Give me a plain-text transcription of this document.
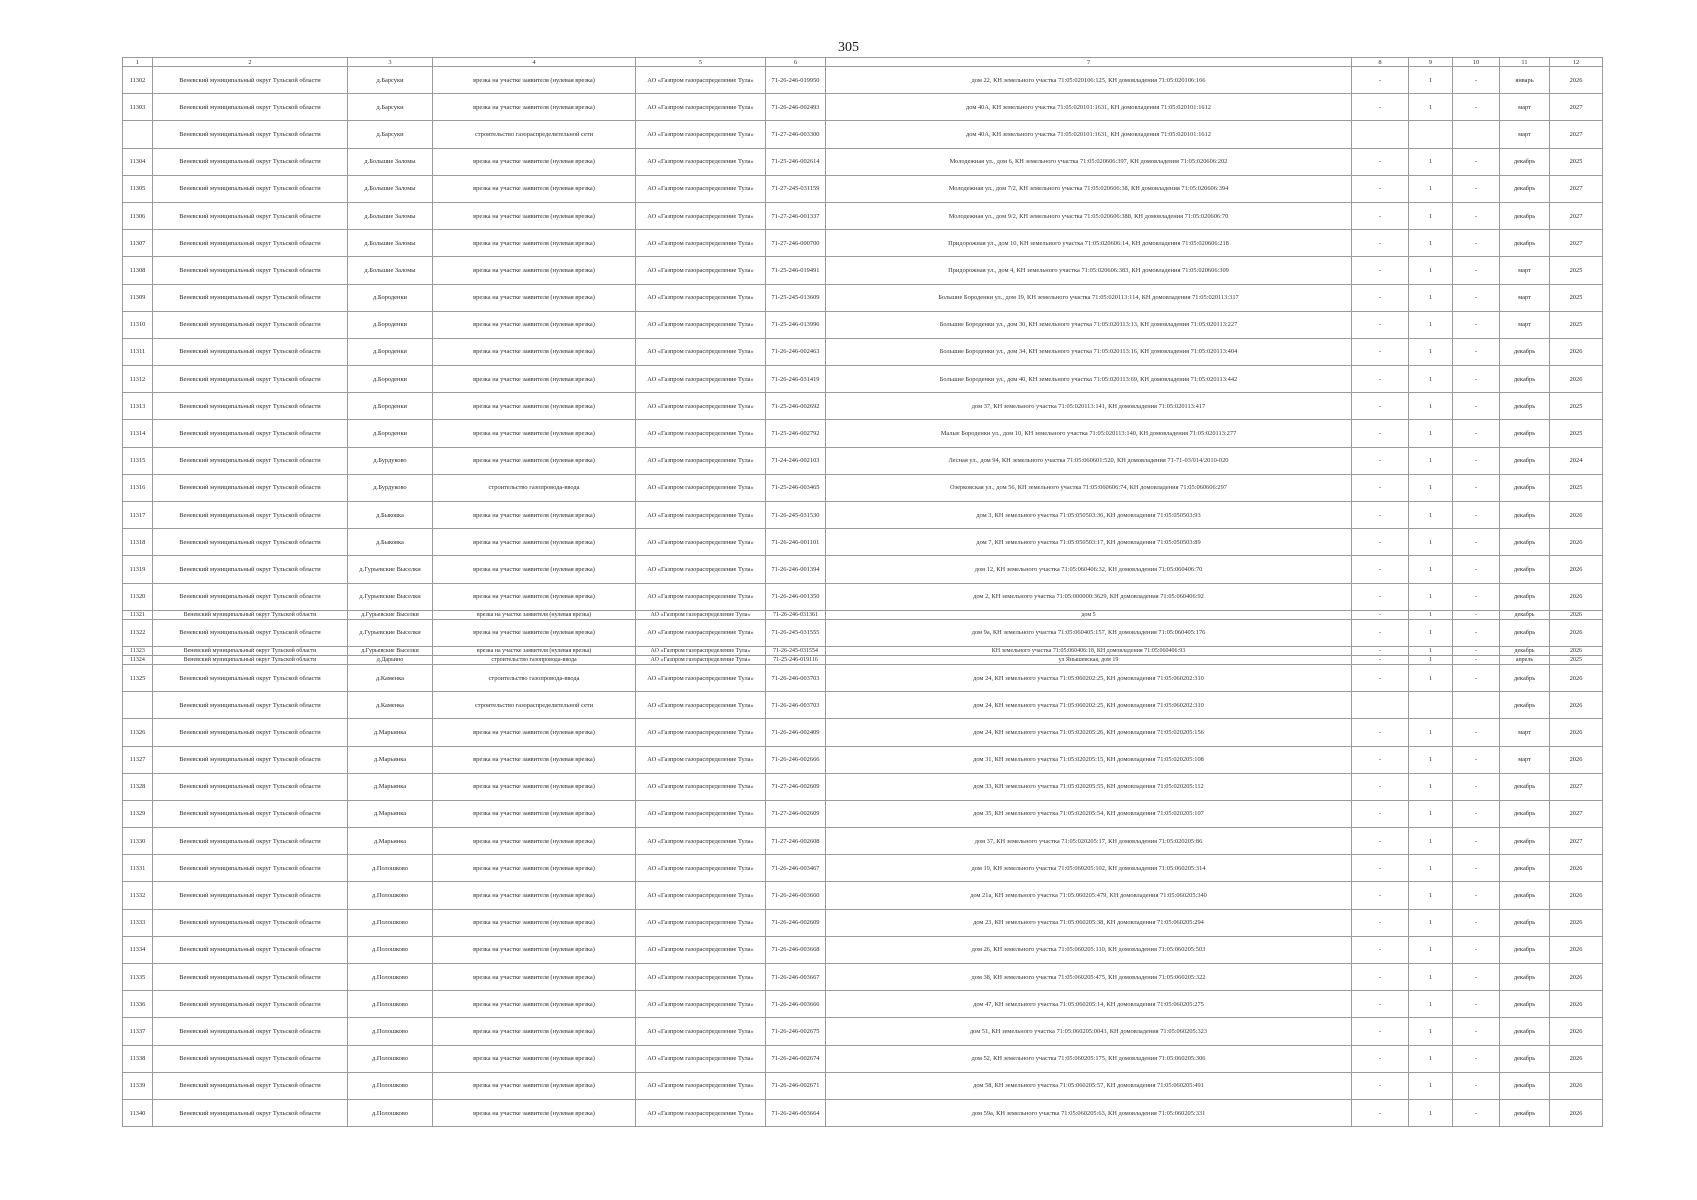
305
1	2	3	4	5	6	7	8	9	10	11	12
11302	Веневский муниципальный округ Тульской области	д.Барсуки	врезка на участке заявителя (нулевая врезка)	АО «Газпром газораспределение Тула»	71-26-246-019950	дом 22, КН земельного участка 71:05:020106:125, КН домовладения 71:05:020106:166	-	1	-	январь	2026
11303	Веневский муниципальный округ Тульской области	д.Барсуки	врезка на участке заявителя (нулевая врезка)	АО «Газпром газораспределение Тула»	71-26-246-002493	дом 40А, КН земельного участка 71:05:020101:1631, КН домовладения 71:05:020101:1612	-	1	-	март	2027
	Веневский муниципальный округ Тульской области	д.Барсуки	строительство газораспределительной сети	АО «Газпром газораспределение Тула»	71-27-246-003300	дом 40А, КН земельного участка 71:05:020101:1631, КН домовладения 71:05:020101:1612				март	2027
11304	Веневский муниципальный округ Тульской области	д.Большие Заломы	врезка на участке заявителя (нулевая врезка)	АО «Газпром газораспределение Тула»	71-25-246-002614	Молодежная ул., дом 6, КН земельного участка 71:05:020606:397, КН домовладения 71:05:020606:202	-	1	-	декабрь	2025
11305	Веневский муниципальный округ Тульской области	д.Большие Заломы	врезка на участке заявителя (нулевая врезка)	АО «Газпром газораспределение Тула»	71-27-245-031159	Молодежная ул., дом 7/2, КН земельного участка 71:05:020606:38, КН домовладения 71:05:020606:394	-	1	-	декабрь	2027
11306	Веневский муниципальный округ Тульской области	д.Большие Заломы	врезка на участке заявителя (нулевая врезка)	АО «Газпром газораспределение Тула»	71-27-246-001337	Молодежная ул., дом 9/2, КН земельного участка 71:05:020606:388, КН домовладения 71:05:020606:70	-	1	-	декабрь	2027
11307	Веневский муниципальный округ Тульской области	д.Большие Заломы	врезка на участке заявителя (нулевая врезка)	АО «Газпром газораспределение Тула»	71-27-246-000700	Придорожная ул., дом 10, КН земельного участка 71:05:020606:14, КН домовладения 71:05:020606:218	-	1	-	декабрь	2027
11308	Веневский муниципальный округ Тульской области	д.Большие Заломы	врезка на участке заявителя (нулевая врезка)	АО «Газпром газораспределение Тула»	71-25-246-019491	Придорожная ул., дом 4, КН земельного участка 71:05:020606:383, КН домовладения 71:05:020606:309	-	1	-	март	2025
11309	Веневский муниципальный округ Тульской области	д.Бороденки	врезка на участке заявителя (нулевая врезка)	АО «Газпром газораспределение Тула»	71-25-245-013609	Большие Бороденки ул., дом 19, КН земельного участка 71:05:020113:114, КН домовладения 71:05:020113:317	-	1	-	март	2025
11310	Веневский муниципальный округ Тульской области	д.Бороденки	врезка на участке заявителя (нулевая врезка)	АО «Газпром газораспределение Тула»	71-25-246-013996	Большие Бороденки ул., дом 30, КН земельного участка 71:05:020113:13, КН домовладения 71:05:020113:227	-	1	-	март	2025
11311	Веневский муниципальный округ Тульской области	д.Бороденки	врезка на участке заявителя (нулевая врезка)	АО «Газпром газораспределение Тула»	71-26-246-002463	Большие Бороденки ул., дом 34, КН земельного участка 71:05:020113:16, КН домовладения 71:05:020113:404	-	1	-	декабрь	2026
11312	Веневский муниципальный округ Тульской области	д.Бороденки	врезка на участке заявителя (нулевая врезка)	АО «Газпром газораспределение Тула»	71-26-246-031419	Большие Бороденки ул., дом 40, КН земельного участка 71:05:020113:69, КН домовладения 71:05:020113:442	-	1	-	декабрь	2026
11313	Веневский муниципальный округ Тульской области	д.Бороденки	врезка на участке заявителя (нулевая врезка)	АО «Газпром газораспределение Тула»	71-25-246-002692	дом 37, КН земельного участка 71:05:020113:141, КН домовладения 71:05:020113:417	-	1	-	декабрь	2025
11314	Веневский муниципальный округ Тульской области	д.Бороденки	врезка на участке заявителя (нулевая врезка)	АО «Газпром газораспределение Тула»	71-25-246-002792	Малые Бороденки ул., дом 10, КН земельного участка 71:05:020113:140, КН домовладения 71:05:020113:277	-	1	-	декабрь	2025
11315	Веневский муниципальный округ Тульской области	д.Бурдуково	врезка на участке заявителя (нулевая врезка)	АО «Газпром газораспределение Тула»	71-24-246-002103	Лесная ул., дом 94, КН земельного участка 71:05:060601:520, КН домовладения 71-71-03/014/2010-020	-	1	-	декабрь	2024
11316	Веневский муниципальный округ Тульской области	д.Бурдуково	строительство газопровода-ввода	АО «Газпром газораспределение Тула»	71-25-246-003465	Озерковская ул., дом 56, КН земельного участка 71:05:060606:74, КН домовладения 71:05:060606:297	-	1	-	декабрь	2025
11317	Веневский муниципальный округ Тульской области	д.Быковка	врезка на участке заявителя (нулевая врезка)	АО «Газпром газораспределение Тула»	71-26-245-031530	дом 3, КН земельного участка 71:05:050503:36, КН домовладения 71:05:050503:93	-	1	-	декабрь	2026
11318	Веневский муниципальный округ Тульской области	д.Быковка	врезка на участке заявителя (нулевая врезка)	АО «Газпром газораспределение Тула»	71-26-246-001101	дом 7, КН земельного участка 71:05:050503:17, КН домовладения 71:05:050503:89	-	1	-	декабрь	2026
11319	Веневский муниципальный округ Тульской области	д.Гурьевские Выселки	врезка на участке заявителя (нулевая врезка)	АО «Газпром газораспределение Тула»	71-26-246-001394	дом 12, КН земельного участка 71:05:060406:32, КН домовладения 71:05:060406:70	-	1	-	декабрь	2026
11320	Веневский муниципальный округ Тульской области	д.Гурьевские Выселки	врезка на участке заявителя (нулевая врезка)	АО «Газпром газораспределение Тула»	71-26-246-001350	дом 2, КН земельного участка 71:05:000000:3629, КН домовладения 71:05:060406:92	-	1	-	декабрь	2026
11321	Веневский муниципальный округ Тульской области	д.Гурьевские Выселки	врезка на участке заявителя (нулевая врезка)	АО «Газпром газораспределение Тула»	71-26-246-031361	дом 5	-	1	-	декабрь	2026
11322	Веневский муниципальный округ Тульской области	д.Гурьевские Выселки	врезка на участке заявителя (нулевая врезка)	АО «Газпром газораспределение Тула»	71-26-245-031555	дом 9а, КН земельного участка 71:05:060405:157, КН домовладения 71:05:060405:176	-	1	-	декабрь	2026
11323	Веневский муниципальный округ Тульской области	д.Гурьевские Выселки	врезка на участке заявителя (нулевая врезка)	АО «Газпром газораспределение Тула»	71-26-245-031554	КН земельного участка 71:05:060406:18, КН домовладения 71:05:060406:93	-	1	-	декабрь	2026
11324	Веневский муниципальный округ Тульской области	д.Дарьино	строительство газопровода-ввода	АО «Газпром газораспределение Тула»	71-25-246-019116	ул Янышевская, дом 19	-	1	-	апрель	2025
11325	Веневский муниципальный округ Тульской области	д.Каменка	строительство газопровода-ввода	АО «Газпром газораспределение Тула»	71-26-246-003703	дом 24, КН земельного участка 71:05:060202:25, КН домовладения 71:05:060202:310	-	1	-	декабрь	2026
	Веневский муниципальный округ Тульской области	д.Каменка	строительство газораспределительной сети	АО «Газпром газораспределение Тула»	71-26-246-003703	дом 24, КН земельного участка 71:05:060202:25, КН домовладения 71:05:060202:310				декабрь	2026
11326	Веневский муниципальный округ Тульской области	д.Марьинка	врезка на участке заявителя (нулевая врезка)	АО «Газпром газораспределение Тула»	71-26-246-002409	дом 24, КН земельного участка 71:05:020205:26, КН домовладения 71:05:020205:156	-	1	-	март	2026
11327	Веневский муниципальный округ Тульской области	д.Марьинка	врезка на участке заявителя (нулевая врезка)	АО «Газпром газораспределение Тула»	71-26-246-002666	дом 31, КН земельного участка 71:05:020205:15, КН домовладения 71:05:020205:108	-	1	-	март	2026
11328	Веневский муниципальный округ Тульской области	д.Марьинка	врезка на участке заявителя (нулевая врезка)	АО «Газпром газораспределение Тула»	71-27-246-002609	дом 33, КН земельного участка 71:05:020205:55, КН домовладения 71:05:020205:112	-	1	-	декабрь	2027
11329	Веневский муниципальный округ Тульской области	д.Марьинка	врезка на участке заявителя (нулевая врезка)	АО «Газпром газораспределение Тула»	71-27-246-002609	дом 35, КН земельного участка 71:05:020205:54, КН домовладения 71:05:020205:107	-	1	-	декабрь	2027
11330	Веневский муниципальный округ Тульской области	д.Марьинка	врезка на участке заявителя (нулевая врезка)	АО «Газпром газораспределение Тула»	71-27-246-002608	дом 37, КН земельного участка 71:05:020205:17, КН домовладения 71:05:020205:86	-	1	-	декабрь	2027
11331	Веневский муниципальный округ Тульской области	д.Полошково	врезка на участке заявителя (нулевая врезка)	АО «Газпром газораспределение Тула»	71-26-246-003467	дом 19, КН земельного участка 71:05:060205:102, КН домовладения 71:05:060205:314	-	1	-	декабрь	2026
11332	Веневский муниципальный округ Тульской области	д.Полошково	врезка на участке заявителя (нулевая врезка)	АО «Газпром газораспределение Тула»	71-26-246-003660	дом 21а, КН земельного участка 71:05:060205:479, КН домовладения 71:05:060205:340	-	1	-	декабрь	2026
11333	Веневский муниципальный округ Тульской области	д.Полошково	врезка на участке заявителя (нулевая врезка)	АО «Газпром газораспределение Тула»	71-26-246-002609	дом 23, КН земельного участка 71:05:060205:38, КН домовладения 71:05:060205:294	-	1	-	декабрь	2026
11334	Веневский муниципальный округ Тульской области	д.Полошково	врезка на участке заявителя (нулевая врезка)	АО «Газпром газораспределение Тула»	71-26-246-003668	дом 26, КН земельного участка 71:05:060205:110, КН домовладения 71:05:060205:503	-	1	-	декабрь	2026
11335	Веневский муниципальный округ Тульской области	д.Полошково	врезка на участке заявителя (нулевая врезка)	АО «Газпром газораспределение Тула»	71-26-246-003667	дом 38, КН земельного участка 71:05:060205:475, КН домовладения 71:05:060205:322	-	1	-	декабрь	2026
11336	Веневский муниципальный округ Тульской области	д.Полошково	врезка на участке заявителя (нулевая врезка)	АО «Газпром газораспределение Тула»	71-26-246-003666	дом 47, КН земельного участка 71:05:060205:14, КН домовладения 71:05:060205:275	-	1	-	декабрь	2026
11337	Веневский муниципальный округ Тульской области	д.Полошково	врезка на участке заявителя (нулевая врезка)	АО «Газпром газораспределение Тула»	71-26-246-002675	дом 51, КН земельного участка 71:05:060205:0043, КН домовладения 71:05:060205:323	-	1	-	декабрь	2026
11338	Веневский муниципальный округ Тульской области	д.Полошково	врезка на участке заявителя (нулевая врезка)	АО «Газпром газораспределение Тула»	71-26-246-002674	дом 52, КН земельного участка 71:05:060205:175, КН домовладения 71:05:060205:306	-	1	-	декабрь	2026
11339	Веневский муниципальный округ Тульской области	д.Полошково	врезка на участке заявителя (нулевая врезка)	АО «Газпром газораспределение Тула»	71-26-246-002671	дом 58, КН земельного участка 71:05:060205:57, КН домовладения 71:05:060205:491	-	1	-	декабрь	2026
11340	Веневский муниципальный округ Тульской области	д.Полошково	врезка на участке заявителя (нулевая врезка)	АО «Газпром газораспределение Тула»	71-26-246-003664	дом 59а, КН земельного участка 71:05:060205:63, КН домовладения 71:05:060205:331	-	1	-	декабрь	2026
